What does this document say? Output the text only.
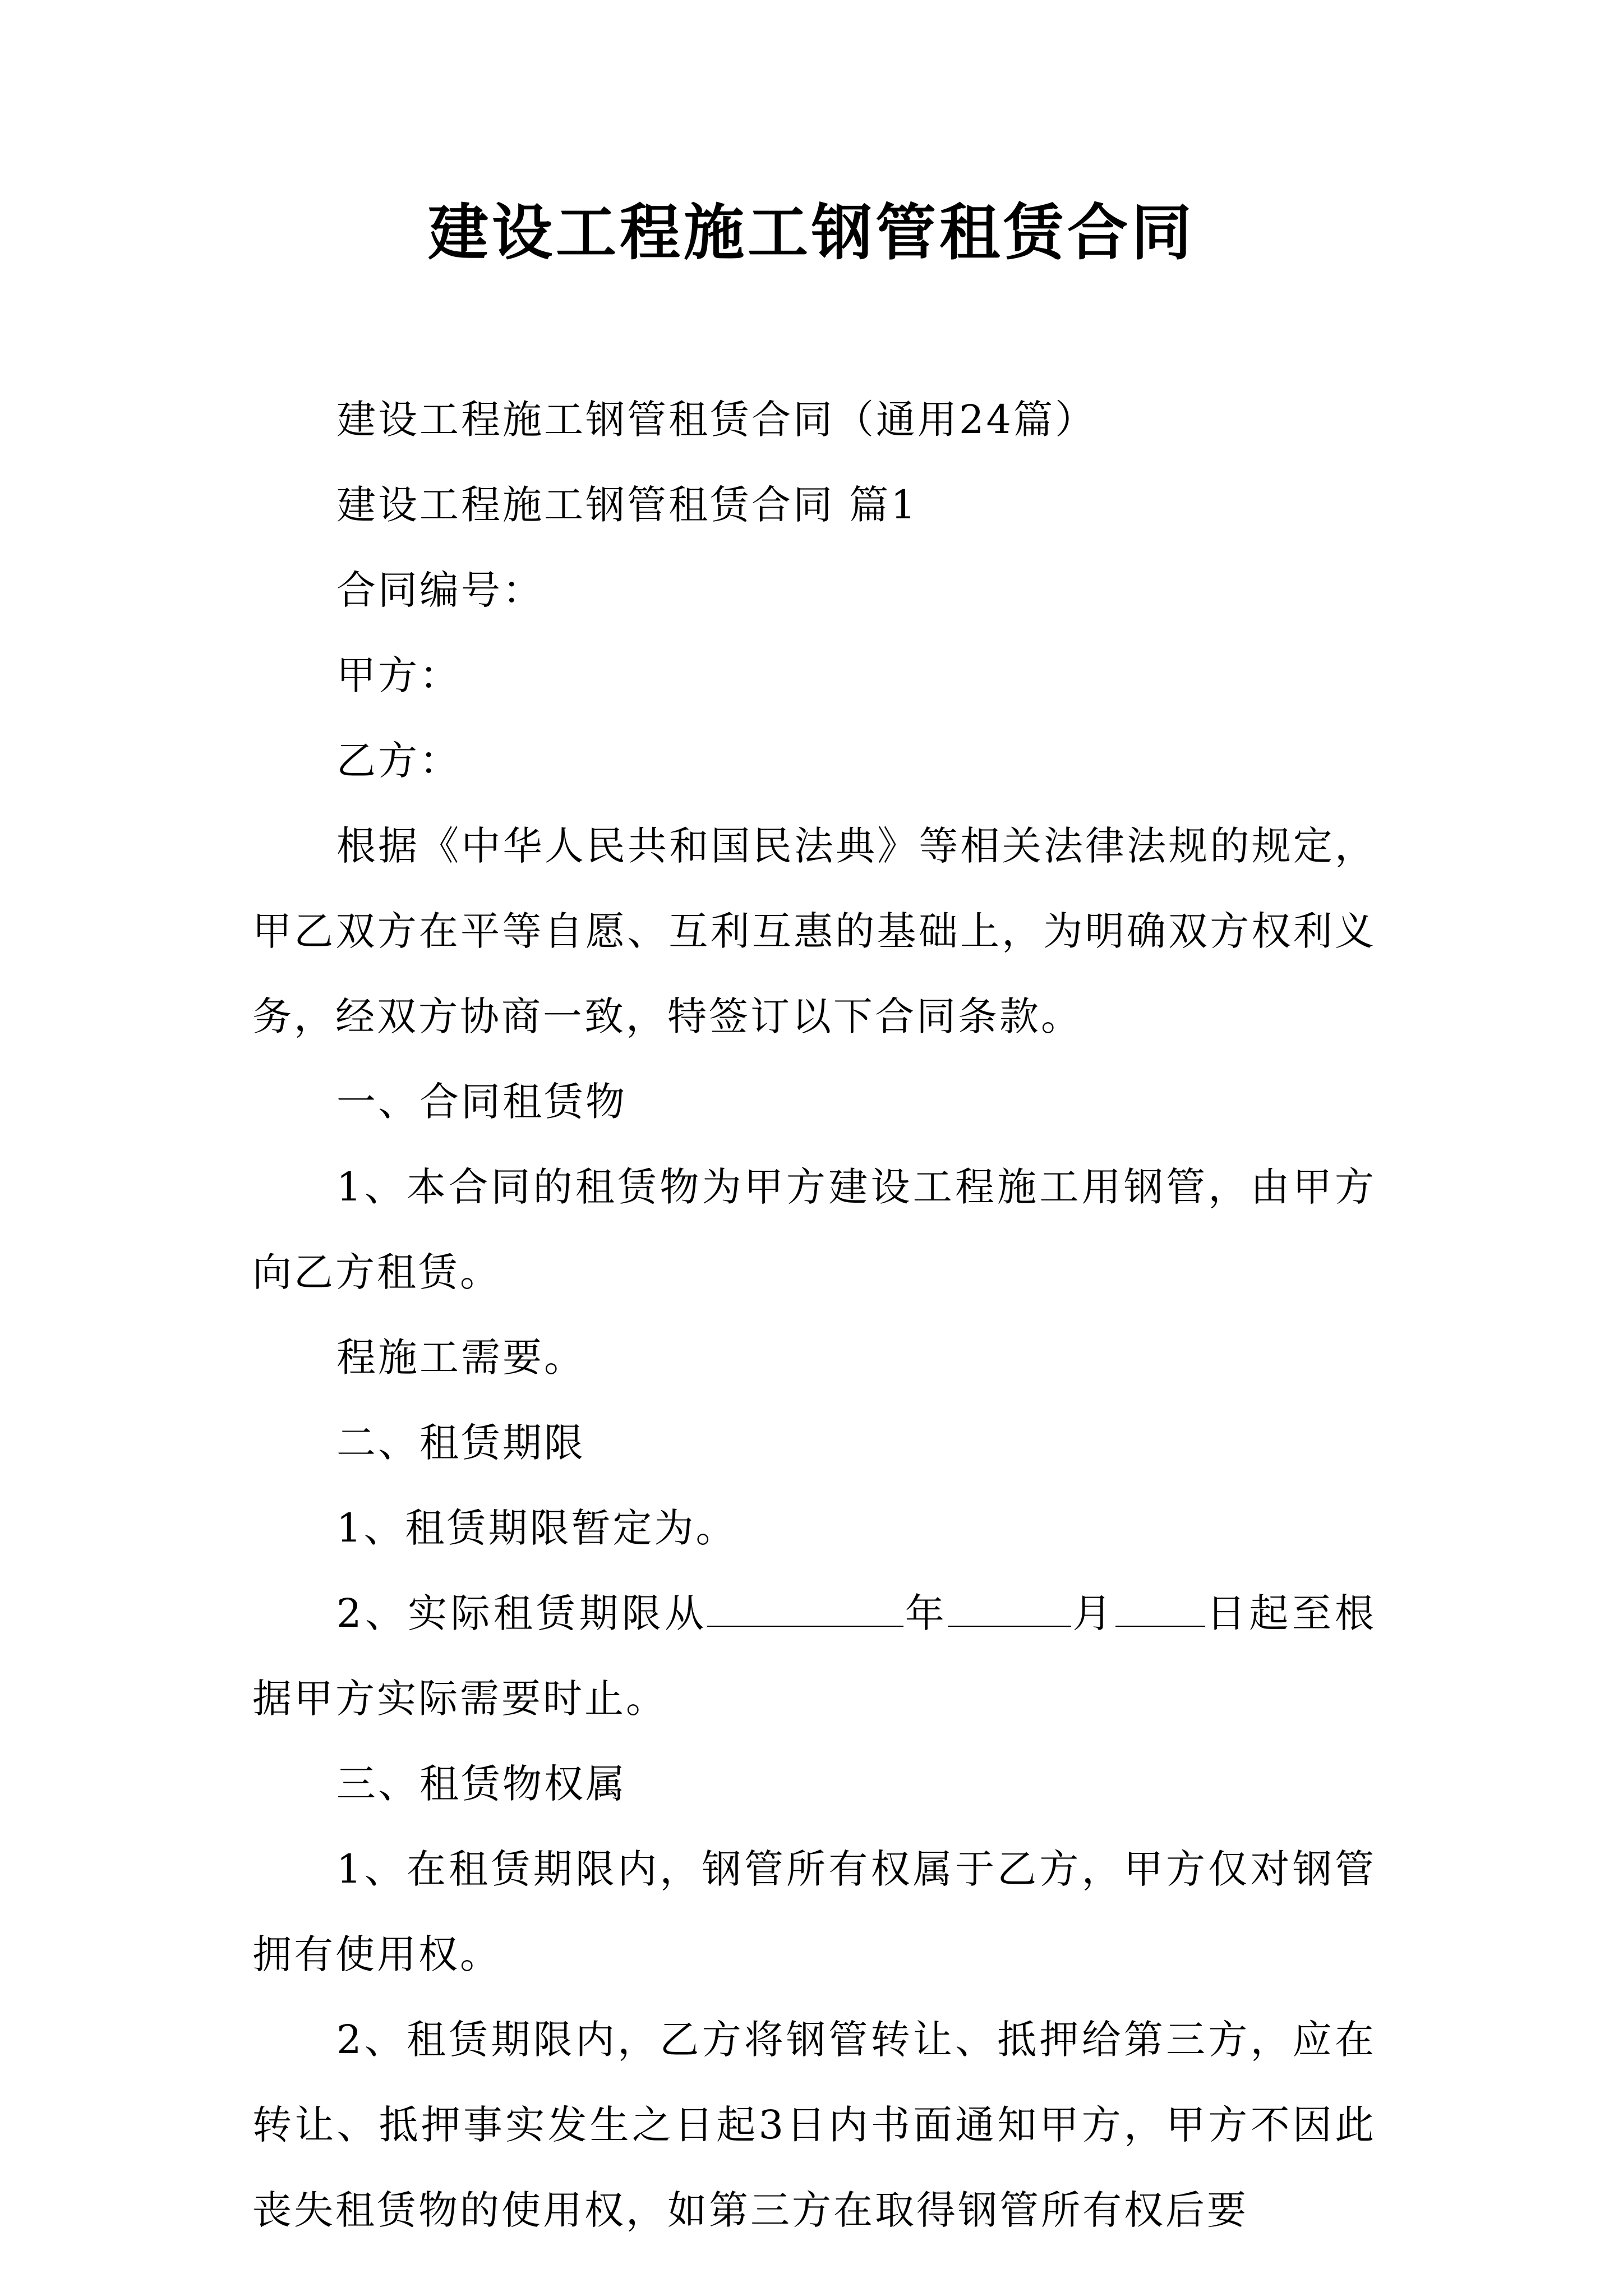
建设工程施工钢管租赁合同

建设工程施工钢管租赁合同（通用24篇）

建设工程施工钢管租赁合同 篇1

合同编号：

甲方：

乙方：

根据《中华人民共和国民法典》等相关法律法规的规定，甲乙双方在平等自愿、互利互惠的基础上，为明确双方权利义务，经双方协商一致，特签订以下合同条款。

一、合同租赁物

1、本合同的租赁物为甲方建设工程施工用钢管，由甲方向乙方租赁。

程施工需要。

二、租赁期限

1、租赁期限暂定为。

2、实际租赁期限从	年	月 日起至根据甲方实际需要时止。

三、租赁物权属

1、在租赁期限内，钢管所有权属于乙方，甲方仅对钢管拥有使用权。

2、租赁期限内，乙方将钢管转让、抵押给第三方，应在转让、抵押事实发生之日起3日内书面通知甲方，甲方不因此丧失租赁物的使用权，如第三方在取得钢管所有权后要
